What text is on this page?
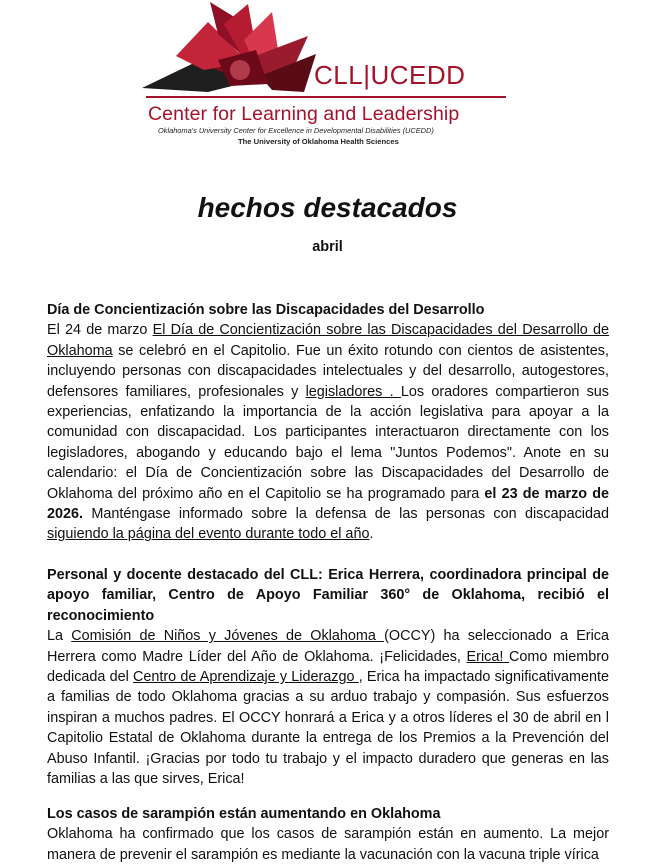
CLL|UCEDD
Center for Learning and Leadership
Oklahoma's University Center for Excellence in Developmental Disabilities (UCEDD)
The University of Oklahoma Health Sciences
hechos destacados
abril
Día de Concientización sobre las Discapacidades del Desarrollo

El 24 de marzo El Día de Concientización sobre las Discapacidades del Desarrollo de Oklahoma se celebró en el Capitolio. Fue un éxito rotundo con cientos de asistentes, incluyendo personas con discapacidades intelectuales y del desarrollo, autogestores, defensores familiares, profesionales y legisladores . Los oradores compartieron sus experiencias, enfatizando la importancia de la acción legislativa para apoyar a la comunidad con discapacidad. Los participantes interactuaron directamente con los legisladores, abogando y educando bajo el lema "Juntos Podemos". Anote en su calendario: el Día de Concientización sobre las Discapacidades del Desarrollo de Oklahoma del próximo año en el Capitolio se ha programado para el 23 de marzo de 2026. Manténgase informado sobre la defensa de las personas con discapacidad siguiendo la página del evento durante todo el año.

Personal y docente destacado del CLL: Erica Herrera, coordinadora principal de apoyo familiar, Centro de Apoyo Familiar 360° de Oklahoma, recibió el reconocimiento

La Comisión de Niños y Jóvenes de Oklahoma (OCCY) ha seleccionado a Erica Herrera como Madre Líder del Año de Oklahoma. ¡Felicidades, Erica! Como miembro dedicada del Centro de Aprendizaje y Liderazgo , Erica ha impactado significativamente a familias de todo Oklahoma gracias a su arduo trabajo y compasión. Sus esfuerzos inspiran a muchos padres. El OCCY honrará a Erica y a otros líderes el 30 de abril en l Capitolio Estatal de Oklahoma durante la entrega de los Premios a la Prevención del Abuso Infantil. ¡Gracias por todo tu trabajo y el impacto duradero que generas en las familias a las que sirves, Erica!

Los casos de sarampión están aumentando en Oklahoma

Oklahoma ha confirmado que los casos de sarampión están en aumento. La mejor manera de prevenir el sarampión es mediante la vacunación con la vacuna triple vírica
